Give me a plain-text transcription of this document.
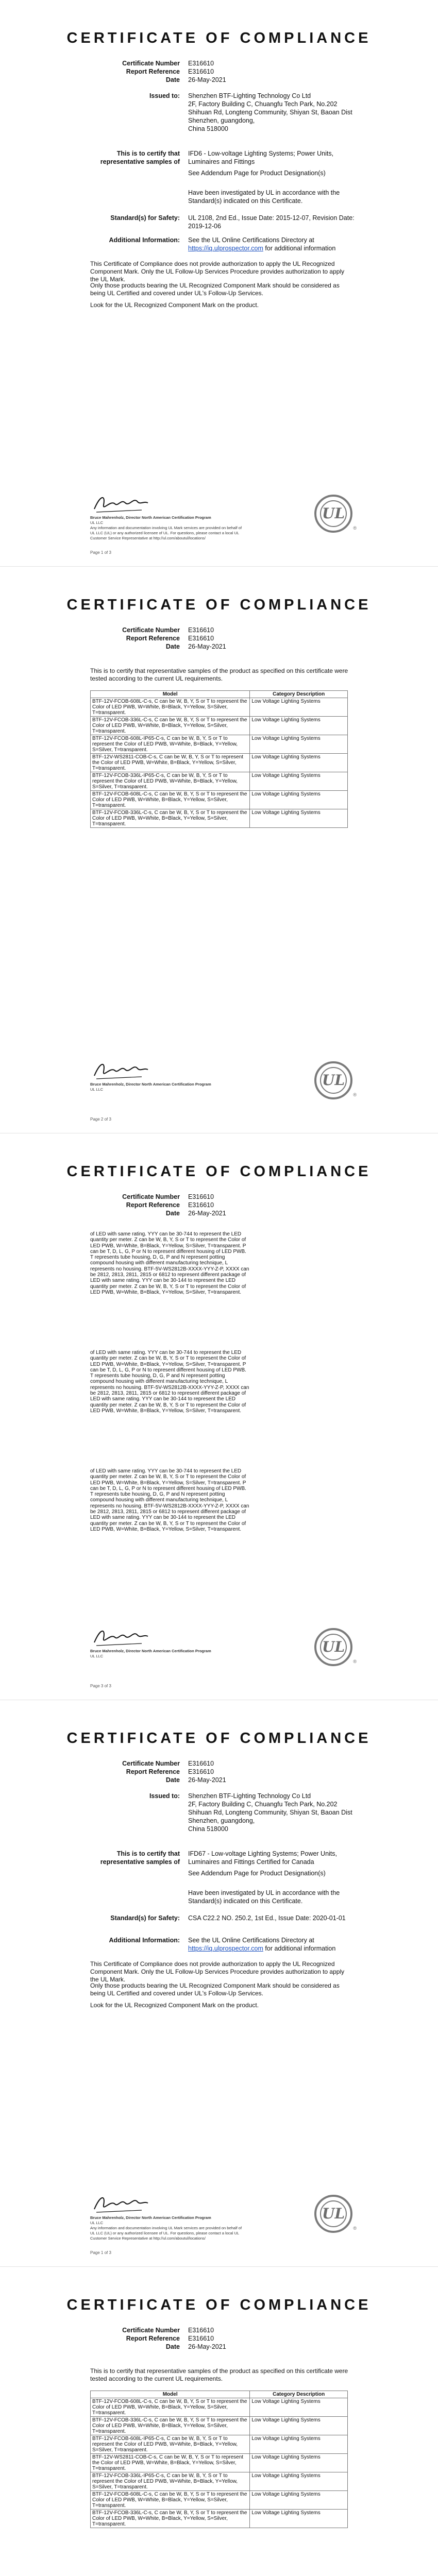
CERTIFICATE OF COMPLIANCE
Certificate Number	E316610
Report Reference	E316610
Date	26-May-2021
Issued to:	Shenzhen BTF-Lighting Technology Co Ltd
2F, Factory Building C, Chuangfu Tech Park, No.202
Shihuan Rd, Longteng Community, Shiyan St, Baoan Dist
Shenzhen, guangdong,
China 518000
This is to certify that representative samples of
IFD6 - Low-voltage Lighting Systems; Power Units, Luminaires and Fittings
See Addendum Page for Product Designation(s)
Have been investigated by UL in accordance with the Standard(s) indicated on this Certificate.
Standard(s) for Safety:	UL 2108, 2nd Ed., Issue Date: 2015-12-07, Revision Date: 2019-12-06
Additional Information:	See the UL Online Certifications Directory at
https://iq.ulprospector.com for additional information
This Certificate of Compliance does not provide authorization to apply the UL Recognized Component Mark. Only the UL Follow-Up Services Procedure provides authorization to apply the UL Mark.
Only those products bearing the UL Recognized Component Mark should be considered as being UL Certified and covered under UL's Follow-Up Services.
Look for the UL Recognized Component Mark on the product.
Bruce Mahrenholz, Director North American Certification Program
UL LLC
Any information and documentation involving UL Mark services are provided on behalf of UL LLC (UL) or any authorized licensee of UL. For questions, please contact a local UL Customer Service Representative at http://ul.com/aboutul/locations/
UL
®
Page 1 of 3
CERTIFICATE OF COMPLIANCE
Certificate Number	E316610
Report Reference	E316610
Date	26-May-2021
This is to certify that representative samples of the product as specified on this certificate were tested according to the current UL requirements.
Model	Category Description
BTF-12V-FCOB-608L-C-s, C can be W, B, Y, S or T to represent the Color of LED PWB, W=White, B=Black, Y=Yellow, S=Silver, T=transparent.	Low Voltage Lighting Systems
BTF-12V-FCOB-336L-C-s, C can be W, B, Y, S or T to represent the Color of LED PWB, W=White, B=Black, Y=Yellow, S=Silver, T=transparent.	Low Voltage Lighting Systems
BTF-12V-FCOB-608L-IP65-C-s, C can be W, B, Y, S or T to represent the Color of LED PWB, W=White, B=Black, Y=Yellow, S=Silver, T=transparent.	Low Voltage Lighting Systems
BTF-12V-WS2811-COB-C-s, C can be W, B, Y, S or T to represent the Color of LED PWB, W=White, B=Black, Y=Yellow, S=Silver, T=transparent.	Low Voltage Lighting Systems
BTF-12V-FCOB-336L-IP65-C-s, C can be W, B, Y, S or T to represent the Color of LED PWB, W=White, B=Black, Y=Yellow, S=Silver, T=transparent.	Low Voltage Lighting Systems
BTF-12V-FCOB-608L-C-s, C can be W, B, Y, S or T to represent the Color of LED PWB, W=White, B=Black, Y=Yellow, S=Silver, T=transparent.	Low Voltage Lighting Systems
BTF-12V-FCOB-336L-C-s, C can be W, B, Y, S or T to represent the Color of LED PWB, W=White, B=Black, Y=Yellow, S=Silver, T=transparent.	Low Voltage Lighting Systems
Bruce Mahrenholz, Director North American Certification Program
UL LLC
UL
®
Page 2 of 3
CERTIFICATE OF COMPLIANCE
Certificate Number	E316610
Report Reference	E316610
Date	26-May-2021
of LED with same rating. YYY can be 30-744 to represent the LED quantity per meter. Z can be W, B, Y, S or T to represent the Color of LED PWB, W=White, B=Black, Y=Yellow, S=Silver, T=transparent. P can be T, D, L, G, P or N to represent different housing of LED PWB. T represents tube housing, D, G, P and N represent potting compound housing with different manufacturing technique, L represents no housing. BTF-5V-WS2812B-XXXX-YYY-Z-P, XXXX can be 2812, 2813, 2811, 2815 or 6812 to represent different package of LED with same rating. YYY can be 30-144 to represent the LED quantity per meter. Z can be W, B, Y, S or T to represent the Color of LED PWB, W=White, B=Black, Y=Yellow, S=Silver, T=transparent.
of LED with same rating. YYY can be 30-744 to represent the LED quantity per meter. Z can be W, B, Y, S or T to represent the Color of LED PWB, W=White, B=Black, Y=Yellow, S=Silver, T=transparent. P can be T, D, L, G, P or N to represent different housing of LED PWB. T represents tube housing, D, G, P and N represent potting compound housing with different manufacturing technique, L represents no housing. BTF-5V-WS2812B-XXXX-YYY-Z-P, XXXX can be 2812, 2813, 2811, 2815 or 6812 to represent different package of LED with same rating. YYY can be 30-144 to represent the LED quantity per meter. Z can be W, B, Y, S or T to represent the Color of LED PWB, W=White, B=Black, Y=Yellow, S=Silver, T=transparent.
of LED with same rating. YYY can be 30-744 to represent the LED quantity per meter. Z can be W, B, Y, S or T to represent the Color of LED PWB, W=White, B=Black, Y=Yellow, S=Silver, T=transparent. P can be T, D, L, G, P or N to represent different housing of LED PWB. T represents tube housing, D, G, P and N represent potting compound housing with different manufacturing technique, L represents no housing. BTF-5V-WS2812B-XXXX-YYY-Z-P, XXXX can be 2812, 2813, 2811, 2815 or 6812 to represent different package of LED with same rating. YYY can be 30-144 to represent the LED quantity per meter. Z can be W, B, Y, S or T to represent the Color of LED PWB, W=White, B=Black, Y=Yellow, S=Silver, T=transparent.
Bruce Mahrenholz, Director North American Certification Program
UL LLC
UL
®
Page 3 of 3
CERTIFICATE OF COMPLIANCE
Certificate Number	E316610
Report Reference	E316610
Date	26-May-2021
Issued to:	Shenzhen BTF-Lighting Technology Co Ltd
2F, Factory Building C, Chuangfu Tech Park, No.202
Shihuan Rd, Longteng Community, Shiyan St, Baoan Dist
Shenzhen, guangdong,
China 518000
This is to certify that representative samples of
IFD67 - Low-voltage Lighting Systems; Power Units, Luminaires and Fittings Certified for Canada
See Addendum Page for Product Designation(s)
Have been investigated by UL in accordance with the Standard(s) indicated on this Certificate.
Standard(s) for Safety:	CSA C22.2 NO. 250.2, 1st Ed., Issue Date: 2020-01-01
Additional Information:	See the UL Online Certifications Directory at
https://iq.ulprospector.com for additional information
This Certificate of Compliance does not provide authorization to apply the UL Recognized Component Mark. Only the UL Follow-Up Services Procedure provides authorization to apply the UL Mark.
Only those products bearing the UL Recognized Component Mark should be considered as being UL Certified and covered under UL's Follow-Up Services.
Look for the UL Recognized Component Mark on the product.
Bruce Mahrenholz, Director North American Certification Program
UL LLC
Any information and documentation involving UL Mark services are provided on behalf of UL LLC (UL) or any authorized licensee of UL. For questions, please contact a local UL Customer Service Representative at http://ul.com/aboutul/locations/
UL
®
Page 1 of 3
CERTIFICATE OF COMPLIANCE
Certificate Number	E316610
Report Reference	E316610
Date	26-May-2021
This is to certify that representative samples of the product as specified on this certificate were tested according to the current UL requirements.
Model	Category Description
BTF-12V-FCOB-608L-C-s, C can be W, B, Y, S or T to represent the Color of LED PWB, W=White, B=Black, Y=Yellow, S=Silver, T=transparent.	Low Voltage Lighting Systems
BTF-12V-FCOB-336L-C-s, C can be W, B, Y, S or T to represent the Color of LED PWB, W=White, B=Black, Y=Yellow, S=Silver, T=transparent.	Low Voltage Lighting Systems
BTF-12V-FCOB-608L-IP65-C-s, C can be W, B, Y, S or T to represent the Color of LED PWB, W=White, B=Black, Y=Yellow, S=Silver, T=transparent.	Low Voltage Lighting Systems
BTF-12V-WS2811-COB-C-s, C can be W, B, Y, S or T to represent the Color of LED PWB, W=White, B=Black, Y=Yellow, S=Silver, T=transparent.	Low Voltage Lighting Systems
BTF-12V-FCOB-336L-IP65-C-s, C can be W, B, Y, S or T to represent the Color of LED PWB, W=White, B=Black, Y=Yellow, S=Silver, T=transparent.	Low Voltage Lighting Systems
BTF-12V-FCOB-608L-C-s, C can be W, B, Y, S or T to represent the Color of LED PWB, W=White, B=Black, Y=Yellow, S=Silver, T=transparent.	Low Voltage Lighting Systems
BTF-12V-FCOB-336L-C-s, C can be W, B, Y, S or T to represent the Color of LED PWB, W=White, B=Black, Y=Yellow, S=Silver, T=transparent.	Low Voltage Lighting Systems
